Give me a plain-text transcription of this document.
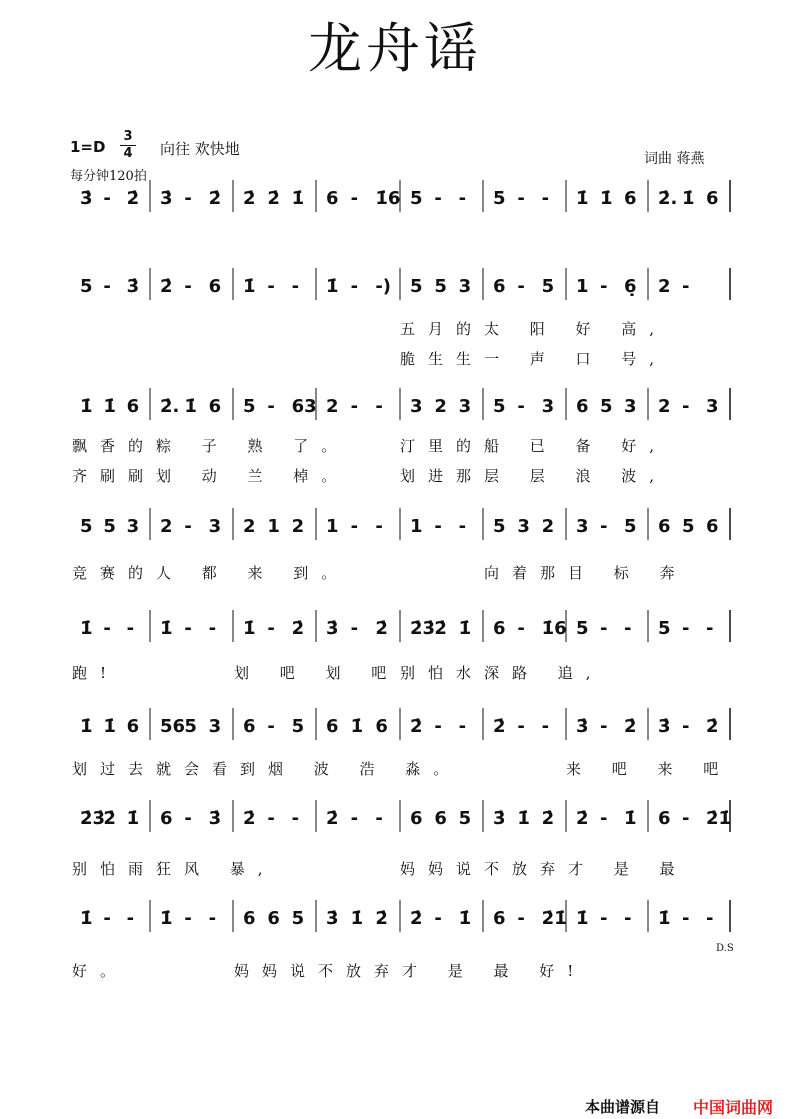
龙舟谣
1=D
3
4 向往 欢快地
词曲 蒋燕
每分钟120拍
D.S
3̇ - 2̇ 3̇ - 2̇ 2̇ 2̇ 1̇ 6 - 1̇6 5 - - 5 - - 1̇ 1̇ 6 2̇. 1̇ 6
5 - 3̇ 2̇ - 6 1̇ - - 1̇ - -) 5 5 3 6 - 5 1 - 6̣ 2 -
五月的太 阳 好 高,
脆生生一 声 口 号,
1̇ 1̇ 6 2̇. 1̇ 6 5 - 63 2 - - 3 2 3 5 - 3 6 5 3 2 - 3
飘香的粽 子 熟 了。
齐刷刷划 动 兰 棹。
汀里的船 已 备 好,
划进那层 层 浪 波,
5 5 3 2 - 3 2 1 2 1 - - 1 - - 5 3 2 3 - 5 6 5 6
竞赛的人 都 来 到。	向着那目 标 奔
1̇ - - 1̇ - - 1̇ - 2̇ 3̇ - 2̇ 2̇3̇ 2̇ 1̇ 6 - 1̇6 5 - - 5 - -
跑!	划 吧 划 吧 别怕水深路 追,
1̇ 1̇ 6 56 5 3 6 - 5 6 1̇ 6 2̇ - - 2̇ - - 3̇ - 2̇ 3̇ - 2̇
划过去就会看到烟 波 浩 淼。	来 吧 来 吧
2̇3̇
2̇ 1̇ 6 - 3̇ 2̇ - - 2̇ - - 6 6 5 3̇ 1̇ 2̇ 2̇ - 1̇ 6 - 2̇1̇
别怕雨狂风 暴,	妈妈说不放弃才 是 最
1̇ - - 1̇ - - 6 6 5 3̇ 1̇ 2̇ 2̇ - 1̇ 6 - 2̇1̇ 1̇ - - 1̇ - -
好。	妈妈说不放弃才 是 最 好!
本曲谱源自 中国词曲网
